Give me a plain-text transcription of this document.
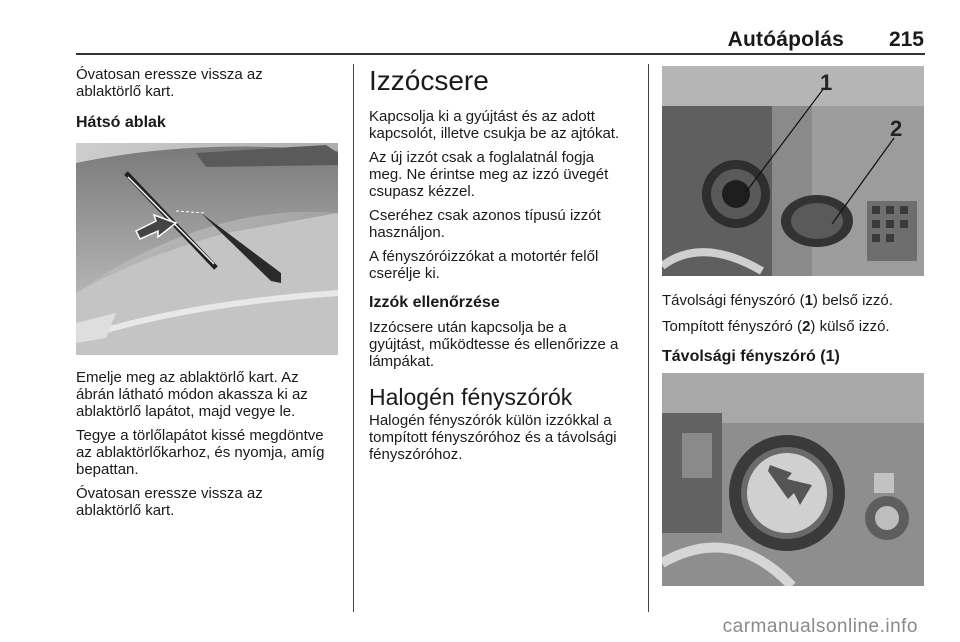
Autóápolás 215
Óvatosan eressze vissza az
ablaktörlő kart.
Hátsó ablak

Emelje meg az ablaktörlő kart. Az
ábrán látható módon akassza ki az
ablaktörlő lapátot, majd vegye le.

Tegye a törlőlapátot kissé megdöntve
az ablaktörlőkarhoz, és nyomja, amíg
bepattan.

Óvatosan eressze vissza az
ablaktörlő kart.

Izzócsere

Kapcsolja ki a gyújtást és az adott
kapcsolót, illetve csukja be az ajtókat.

Az új izzót csak a foglalatnál fogja
meg. Ne érintse meg az izzó üvegét
csupasz kézzel.

Cseréhez csak azonos típusú izzót
használjon.

A fényszóróizzókat a motortér felől
cserélje ki.

Izzók ellenőrzése

Izzócsere után kapcsolja be a
gyújtást, működtesse és ellenőrizze a
lámpákat.

Halogén fényszórók

Halogén fényszórók külön izzókkal a
tompított fényszóróhoz és a távolsági
fényszóróhoz.

1
2

Távolsági fényszóró (1) belső izzó.

Tompított fényszóró (2) külső izzó.

Távolsági fényszóró (1)
carmanualsonline.info
